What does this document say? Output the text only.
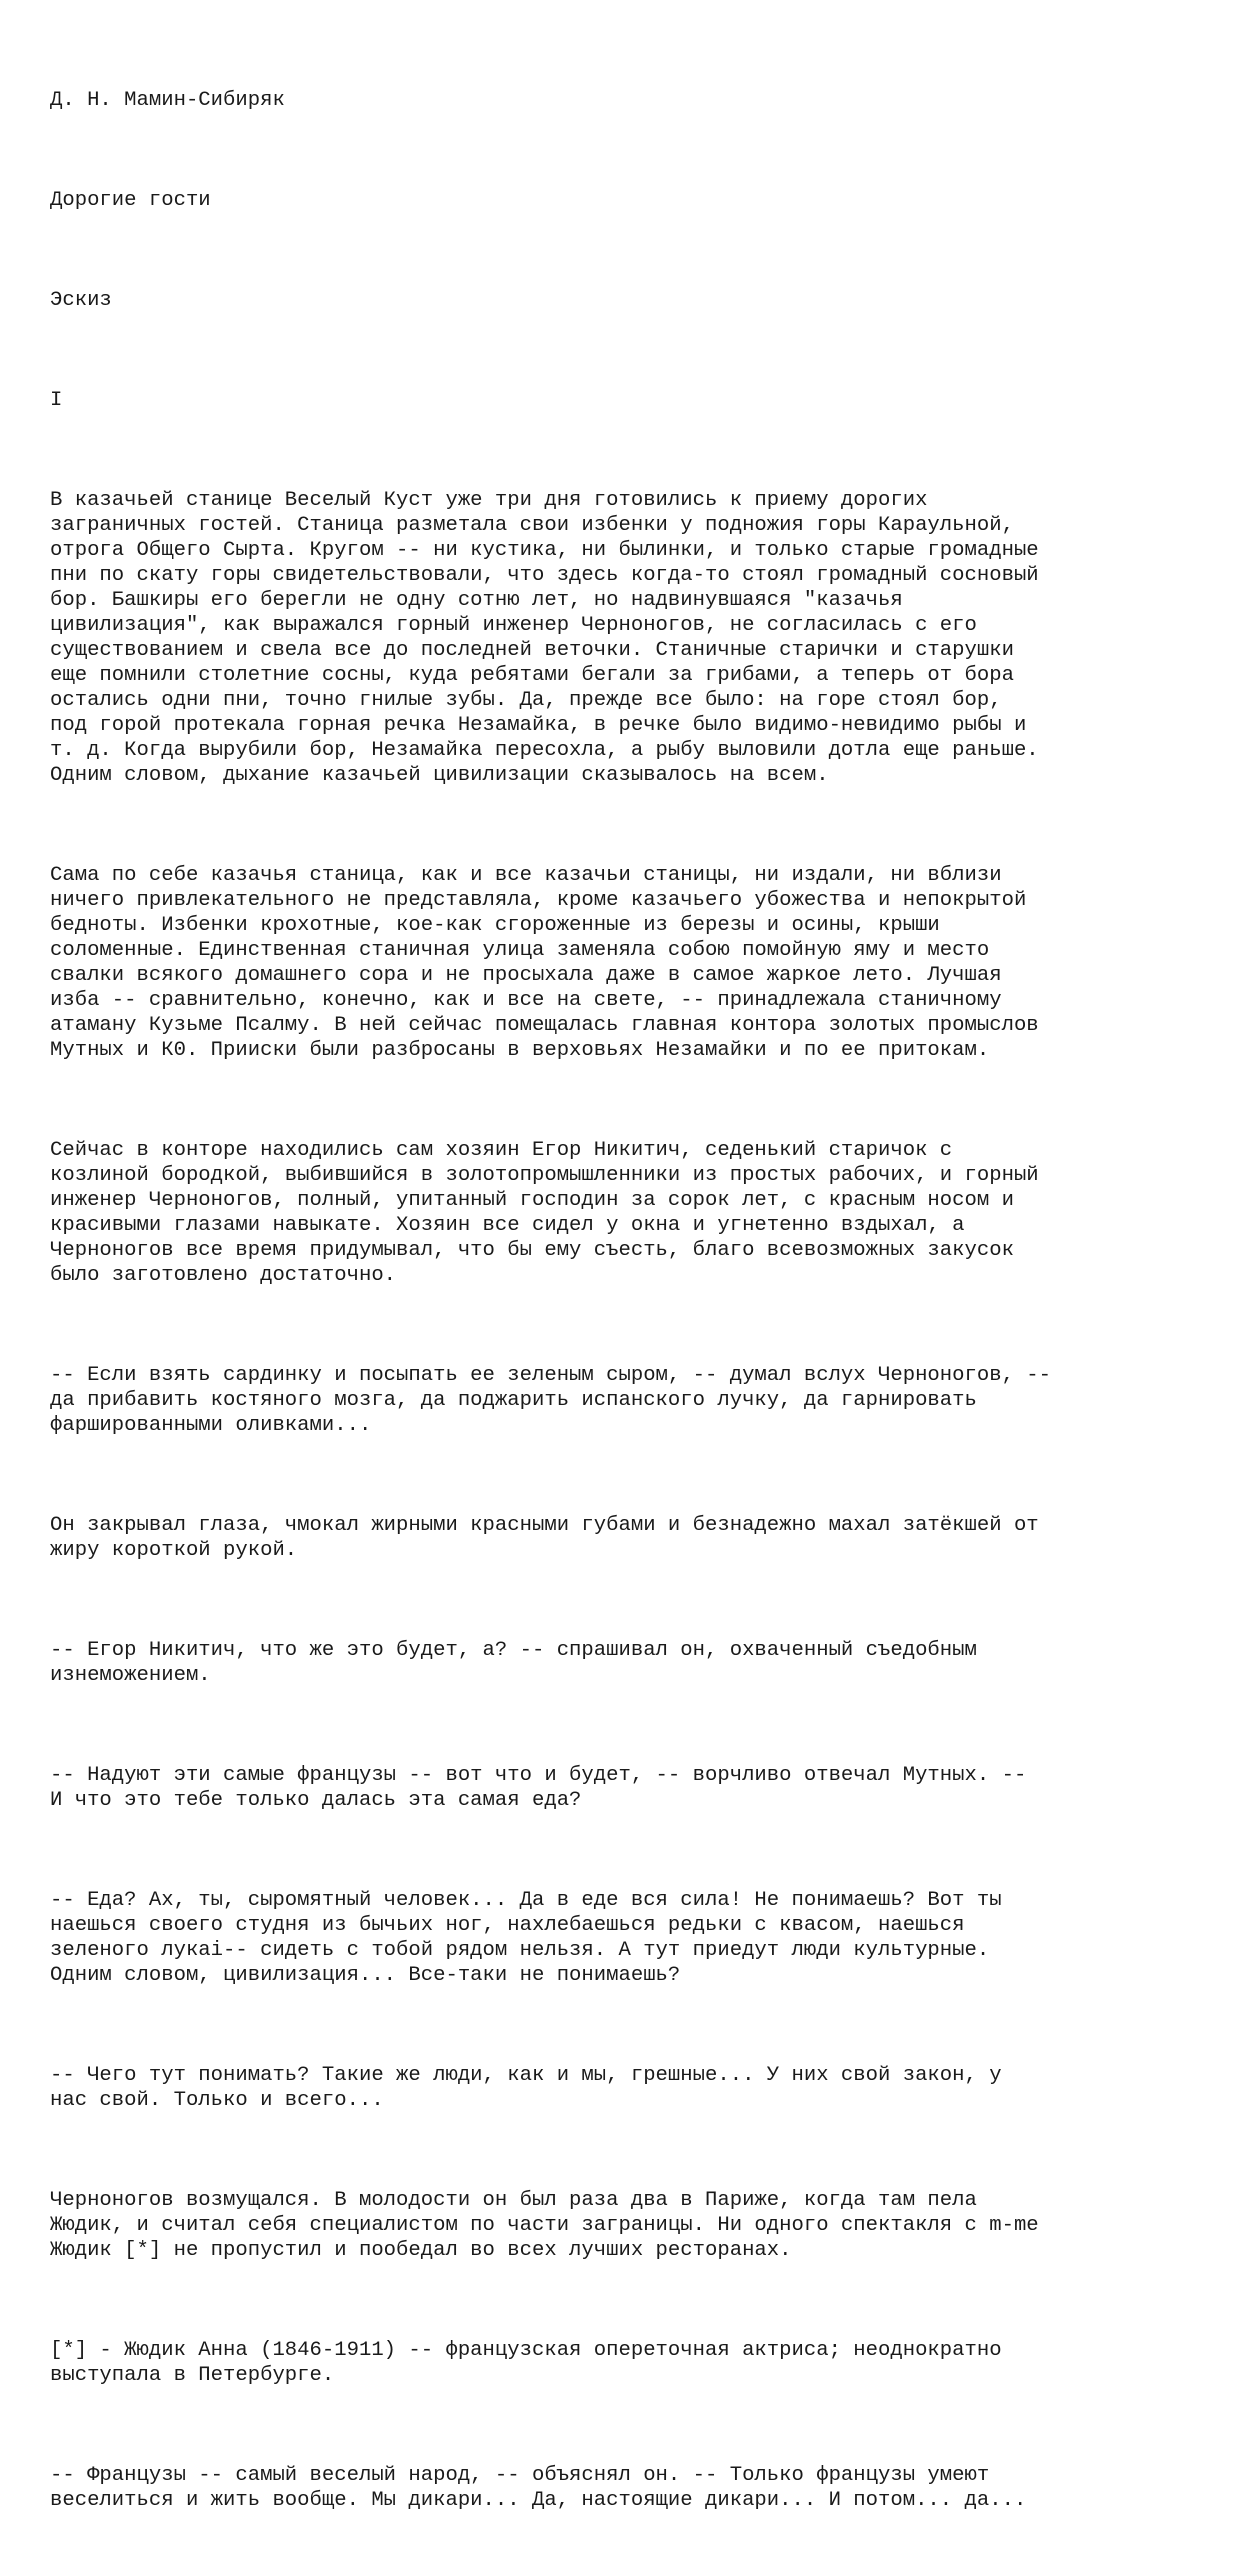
Д. Н. Мамин-Сибиряк

Дорогие гости

Эскиз

I

В казачьей станице Веселый Куст уже три дня готовились к приему дорогих
заграничных гостей. Станица разметала свои избенки у подножия горы Караульной,
отрога Общего Сырта. Кругом -- ни кустика, ни былинки, и только старые громадные
пни по скату горы свидетельствовали, что здесь когда-то стоял громадный сосновый
бор. Башкиры его берегли не одну сотню лет, но надвинувшаяся "казачья
цивилизация", как выражался горный инженер Черноногов, не согласилась с его
существованием и свела все до последней веточки. Станичные старички и старушки
еще помнили столетние сосны, куда ребятами бегали за грибами, а теперь от бора
остались одни пни, точно гнилые зубы. Да, прежде все было: на горе стоял бор,
под горой протекала горная речка Незамайка, в речке было видимо-невидимо рыбы и
т. д. Когда вырубили бор, Незамайка пересохла, а рыбу выловили дотла еще раньше.
Одним словом, дыхание казачьей цивилизации сказывалось на всем.

Сама по себе казачья станица, как и все казачьи станицы, ни издали, ни вблизи
ничего привлекательного не представляла, кроме казачьего убожества и непокрытой
бедноты. Избенки крохотные, кое-как сгороженные из березы и осины, крыши
соломенные. Единственная станичная улица заменяла собою помойную яму и место
свалки всякого домашнего сора и не просыхала даже в самое жаркое лето. Лучшая
изба -- сравнительно, конечно, как и все на свете, -- принадлежала станичному
атаману Кузьме Псалму. В ней сейчас помещалась главная контора золотых промыслов
Мутных и К0. Прииски были разбросаны в верховьях Незамайки и по ее притокам.

Сейчас в конторе находились сам хозяин Егор Никитич, седенький старичок с
козлиной бородкой, выбившийся в золотопромышленники из простых рабочих, и горный
инженер Черноногов, полный, упитанный господин за сорок лет, с красным носом и
красивыми глазами навыкате. Хозяин все сидел у окна и угнетенно вздыхал, а
Черноногов все время придумывал, что бы ему съесть, благо всевозможных закусок
было заготовлено достаточно.

-- Если взять сардинку и посыпать ее зеленым сыром, -- думал вслух Черноногов, --
да прибавить костяного мозга, да поджарить испанского лучку, да гарнировать
фаршированными оливками...

Он закрывал глаза, чмокал жирными красными губами и безнадежно махал затёкшей от
жиру короткой рукой.

-- Егор Никитич, что же это будет, а? -- спрашивал он, охваченный съедобным
изнеможением.

-- Надуют эти самые французы -- вот что и будет, -- ворчливо отвечал Мутных. --
И что это тебе только далась эта самая еда?

-- Еда? Ах, ты, сыромятный человек... Да в еде вся сила! Не понимаешь? Вот ты
наешься своего студня из бычьих ног, нахлебаешься редьки с квасом, наешься
зеленого лукаi-- сидеть с тобой рядом нельзя. А тут приедут люди культурные.
Одним словом, цивилизация... Все-таки не понимаешь?

-- Чего тут понимать? Такие же люди, как и мы, грешные... У них свой закон, у
нас свой. Только и всего...

Черноногов возмущался. В молодости он был раза два в Париже, когда там пела
Жюдик, и считал себя специалистом по части заграницы. Ни одного спектакля с m-me
Жюдик [*] не пропустил и пообедал во всех лучших ресторанах.

[*] - Жюдик Анна (1846-1911) -- французская опереточная актриса; неоднократно
выступала в Петербурге.

-- Французы -- самый веселый народ, -- объяснял он. -- Только французы умеют
веселиться и жить вообще. Мы дикари... Да, настоящие дикари... И потом... да...
